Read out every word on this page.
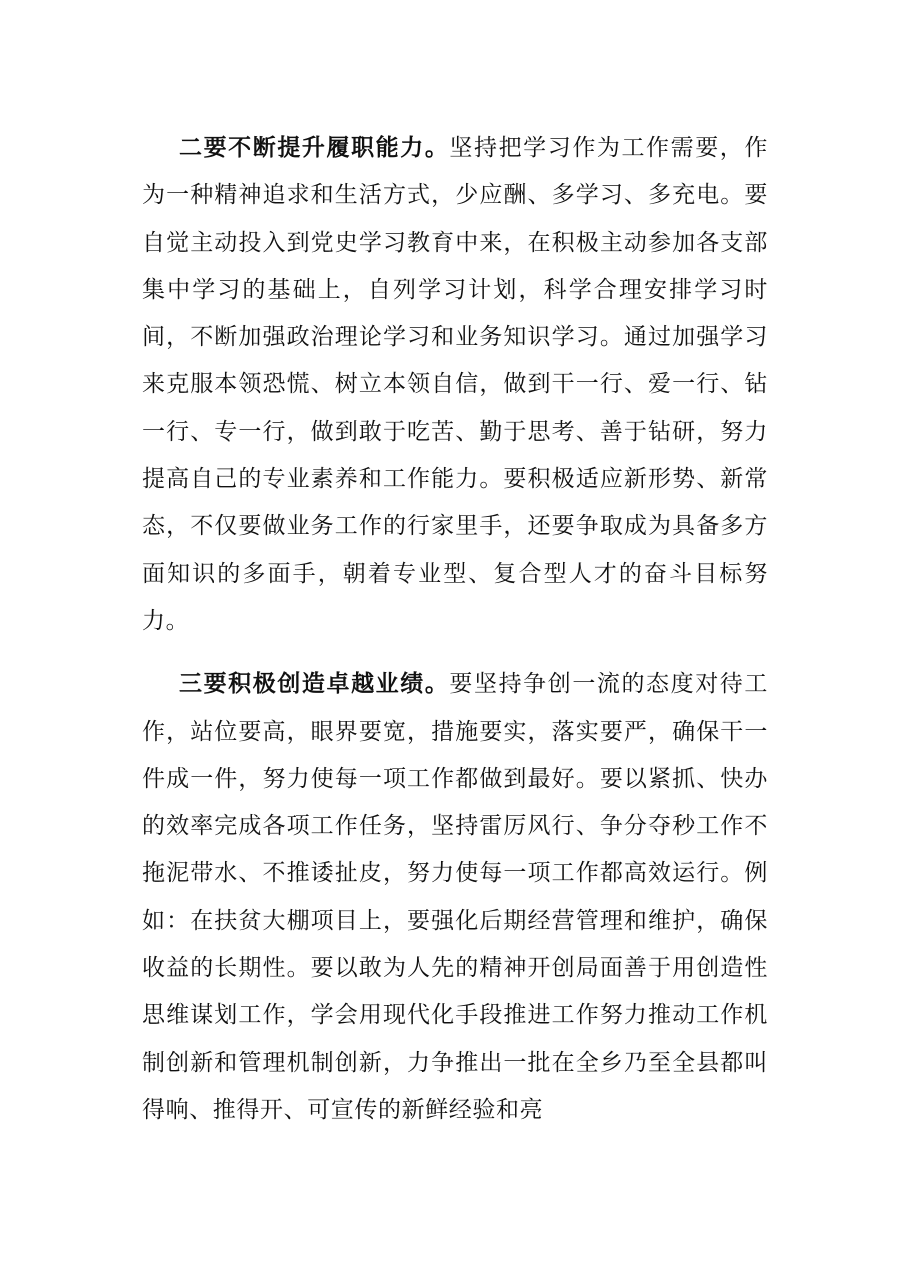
二要不断提升履职能力。坚持把学习作为工作需要，作为一种精神追求和生活方式，少应酬、多学习、多充电。要自觉主动投入到党史学习教育中来，在积极主动参加各支部集中学习的基础上，自列学习计划，科学合理安排学习时间，不断加强政治理论学习和业务知识学习。通过加强学习来克服本领恐慌、树立本领自信，做到干一行、爱一行、钻一行、专一行，做到敢于吃苦、勤于思考、善于钻研，努力提高自己的专业素养和工作能力。要积极适应新形势、新常态，不仅要做业务工作的行家里手，还要争取成为具备多方面知识的多面手，朝着专业型、复合型人才的奋斗目标努力。

三要积极创造卓越业绩。要坚持争创一流的态度对待工作，站位要高，眼界要宽，措施要实，落实要严，确保干一件成一件，努力使每一项工作都做到最好。要以紧抓、快办的效率完成各项工作任务，坚持雷厉风行、争分夺秒工作不拖泥带水、不推诿扯皮，努力使每一项工作都高效运行。例如：在扶贫大棚项目上，要强化后期经营管理和维护，确保收益的长期性。要以敢为人先的精神开创局面善于用创造性思维谋划工作，学会用现代化手段推进工作努力推动工作机制创新和管理机制创新，力争推出一批在全乡乃至全县都叫得响、推得开、可宣传的新鲜经验和亮
